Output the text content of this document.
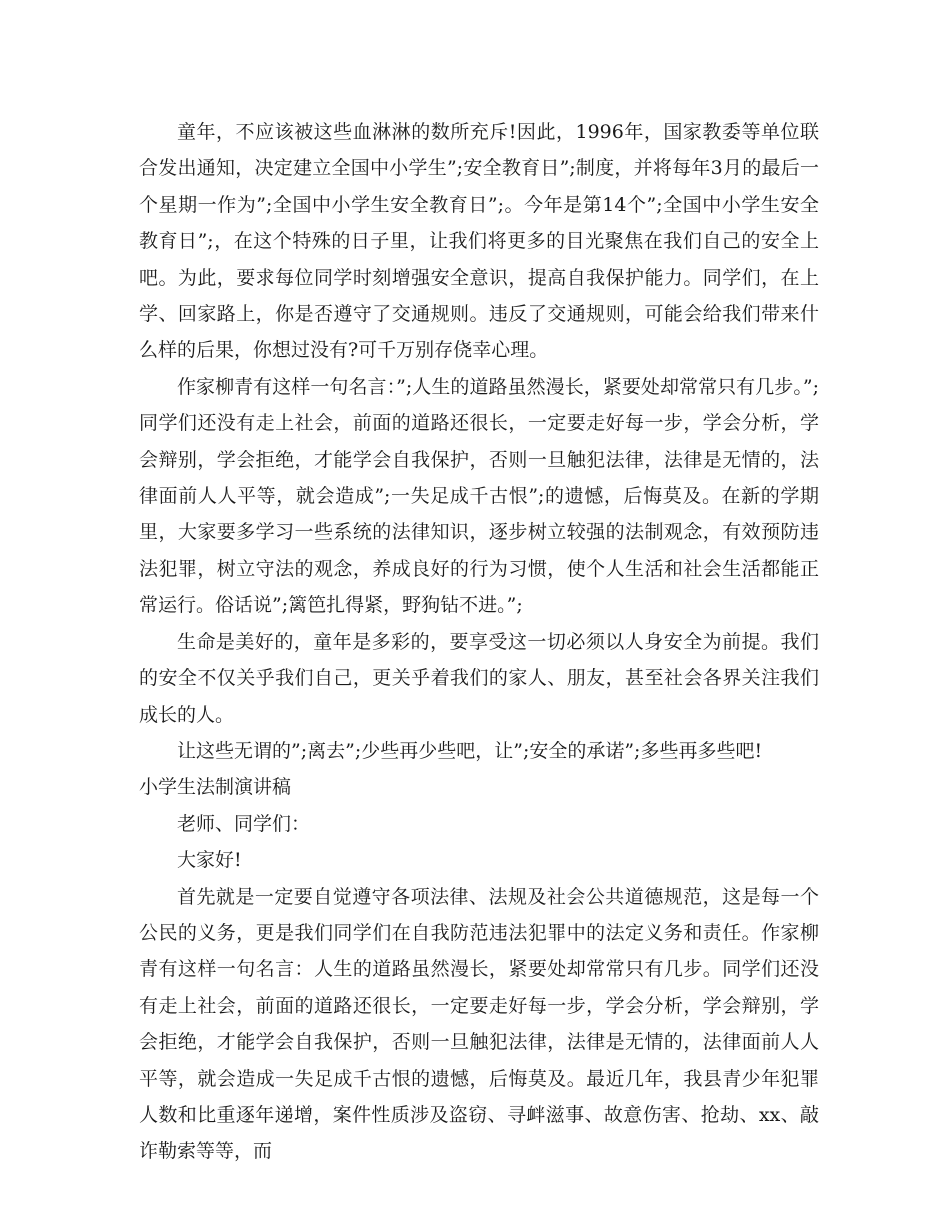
童年，不应该被这些血淋淋的数所充斥!因此，1996年，国家教委等单位联合发出通知，决定建立全国中小学生”;安全教育日”;制度，并将每年3月的最后一个星期一作为”;全国中小学生安全教育日”;。今年是第14个”;全国中小学生安全教育日”;，在这个特殊的日子里，让我们将更多的目光聚焦在我们自己的安全上吧。为此，要求每位同学时刻增强安全意识，提高自我保护能力。同学们，在上学、回家路上，你是否遵守了交通规则。违反了交通规则，可能会给我们带来什么样的后果，你想过没有?可千万别存侥幸心理。

作家柳青有这样一句名言：”;人生的道路虽然漫长，紧要处却常常只有几步。”;同学们还没有走上社会，前面的道路还很长，一定要走好每一步，学会分析，学会辩别，学会拒绝，才能学会自我保护，否则一旦触犯法律，法律是无情的，法律面前人人平等，就会造成”;一失足成千古恨”;的遗憾，后悔莫及。在新的学期里，大家要多学习一些系统的法律知识，逐步树立较强的法制观念，有效预防违法犯罪，树立守法的观念，养成良好的行为习惯，使个人生活和社会生活都能正常运行。俗话说”;篱笆扎得紧，野狗钻不进。”;

生命是美好的，童年是多彩的，要享受这一切必须以人身安全为前提。我们的安全不仅关乎我们自己，更关乎着我们的家人、朋友，甚至社会各界关注我们成长的人。

让这些无谓的”;离去”;少些再少些吧，让”;安全的承诺”;多些再多些吧!

小学生法制演讲稿

老师、同学们：

大家好!

首先就是一定要自觉遵守各项法律、法规及社会公共道德规范，这是每一个公民的义务，更是我们同学们在自我防范违法犯罪中的法定义务和责任。作家柳青有这样一句名言：人生的道路虽然漫长，紧要处却常常只有几步。同学们还没有走上社会，前面的道路还很长，一定要走好每一步，学会分析，学会辩别，学会拒绝，才能学会自我保护，否则一旦触犯法律，法律是无情的，法律面前人人平等，就会造成一失足成千古恨的遗憾，后悔莫及。最近几年，我县青少年犯罪人数和比重逐年递增，案件性质涉及盗窃、寻衅滋事、故意伤害、抢劫、xx、敲诈勒索等等，而
